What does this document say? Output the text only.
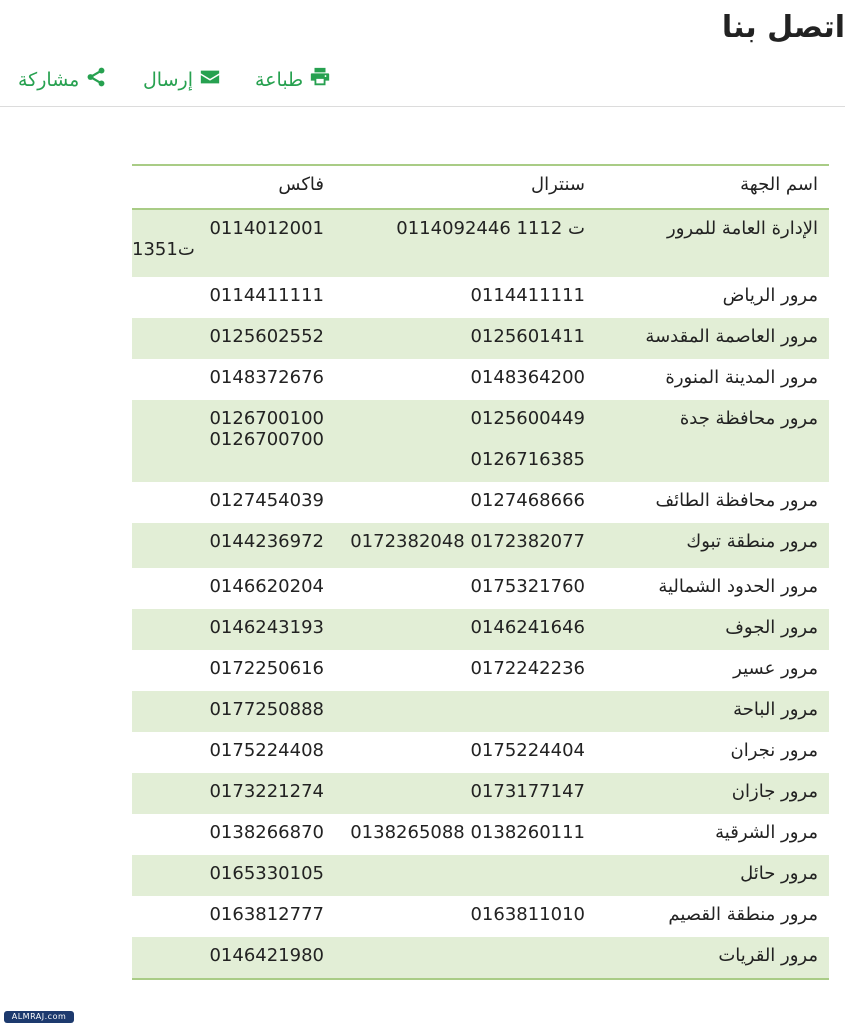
اتصل بنا
طباعة
إرسال
مشاركة
اسم الجهة
سنترال
فاكس
الإدارة العامة للمرور
0114092446 ت 1112
0114012001
ت1351
مرور الرياض
0114411111
0114411111
مرور العاصمة المقدسة
0125601411
0125602552
مرور المدينة المنورة
0148364200
0148372676
مرور محافظة جدة
0125600449
0126716385
0126700100
0126700700
مرور محافظة الطائف
0127468666
0127454039
مرور منطقة تبوك
0172382048 0172382077
0144236972
مرور الحدود الشمالية
0175321760
0146620204
مرور الجوف
0146241646
0146243193
مرور عسير
0172242236
0172250616
مرور الباحة
0177250888
مرور نجران
0175224404
0175224408
مرور جازان
0173177147
0173221274
مرور الشرقية
0138265088 0138260111
0138266870
مرور حائل
0165330105
مرور منطقة القصيم
0163811010
0163812777
مرور القريات
0146421980
ALMRAJ.com
